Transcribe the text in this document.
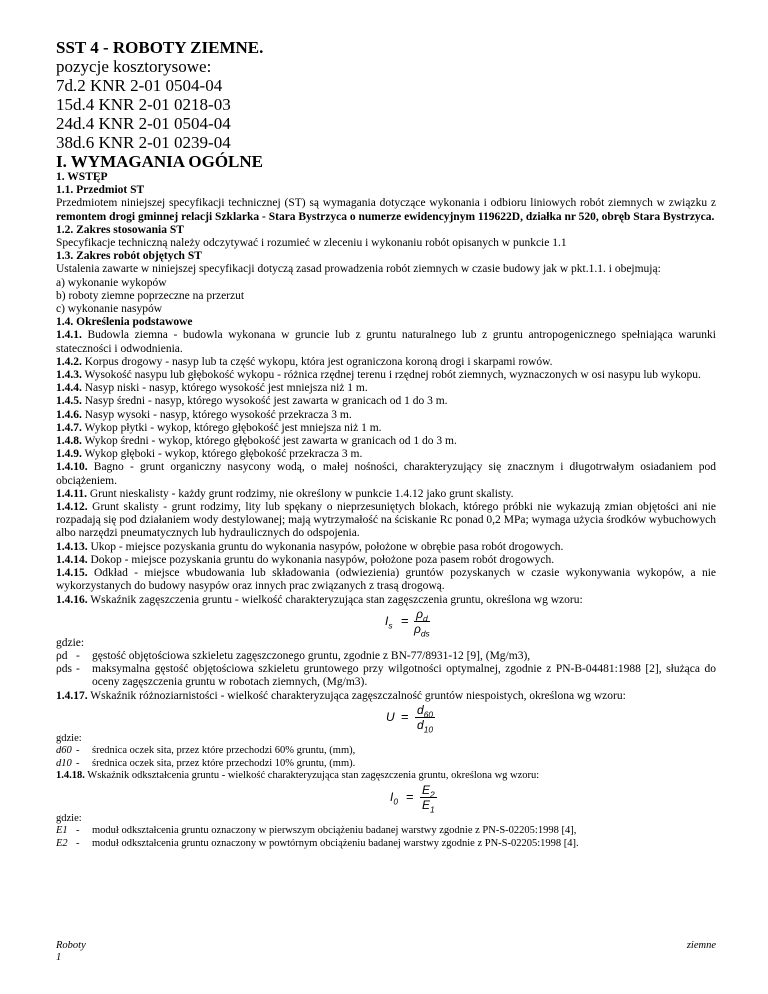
SST 4 - ROBOTY ZIEMNE.
pozycje kosztorysowe:
7d.2 KNR 2-01 0504-04
15d.4 KNR 2-01 0218-03
24d.4 KNR 2-01 0504-04
38d.6 KNR 2-01 0239-04
I. WYMAGANIA OGÓLNE
1. WSTĘP
1.1. Przedmiot ST
Przedmiotem niniejszej specyfikacji technicznej (ST) są wymagania dotyczące wykonania i odbioru liniowych robót ziemnych w związku z remontem drogi gminnej relacji Szklarka - Stara Bystrzyca o numerze ewidencyjnym 119622D, działka nr 520, obręb Stara Bystrzyca.
1.2. Zakres stosowania ST
Specyfikacje techniczną należy odczytywać i rozumieć w zleceniu i wykonaniu robót opisanych w punkcie 1.1
1.3. Zakres robót objętych ST
Ustalenia zawarte w niniejszej specyfikacji dotyczą zasad prowadzenia robót ziemnych w czasie budowy jak w pkt.1.1. i obejmują:
a) wykonanie wykopów
b) roboty ziemne poprzeczne na przerzut
c) wykonanie nasypów
1.4. Określenia podstawowe
1.4.1. Budowla ziemna - budowla wykonana w gruncie lub z gruntu naturalnego lub z gruntu antropogenicznego spełniająca warunki stateczności i odwodnienia.
1.4.2. Korpus drogowy - nasyp lub ta część wykopu, która jest ograniczona koroną drogi i skarpami rowów.
1.4.3. Wysokość nasypu lub głębokość wykopu - różnica rzędnej terenu i rzędnej robót ziemnych, wyznaczonych w osi nasypu lub wykopu.
1.4.4. Nasyp niski - nasyp, którego wysokość jest mniejsza niż 1 m.
1.4.5. Nasyp średni - nasyp, którego wysokość jest zawarta w granicach od 1 do 3 m.
1.4.6. Nasyp wysoki - nasyp, którego wysokość przekracza 3 m.
1.4.7. Wykop płytki - wykop, którego głębokość jest mniejsza niż 1 m.
1.4.8. Wykop średni - wykop, którego głębokość jest zawarta w granicach od 1 do 3 m.
1.4.9. Wykop głęboki - wykop, którego głębokość przekracza 3 m.
1.4.10. Bagno - grunt organiczny nasycony wodą, o małej nośności, charakteryzujący się znacznym i długotrwałym osiadaniem pod obciążeniem.
1.4.11. Grunt nieskalisty - każdy grunt rodzimy, nie określony w punkcie 1.4.12 jako grunt skalisty.
1.4.12. Grunt skalisty - grunt rodzimy, lity lub spękany o nieprzesuniętych blokach, którego próbki nie wykazują zmian objętości ani nie rozpadają się pod działaniem wody destylowanej; mają wytrzymałość na ściskanie Rc ponad 0,2 MPa; wymaga użycia środków wybuchowych albo narzędzi pneumatycznych lub hydraulicznych do odspojenia.
1.4.13. Ukop - miejsce pozyskania gruntu do wykonania nasypów, położone w obrębie pasa robót drogowych.
1.4.14. Dokop - miejsce pozyskania gruntu do wykonania nasypów, położone poza pasem robót drogowych.
1.4.15. Odkład - miejsce wbudowania lub składowania (odwiezienia) gruntów pozyskanych w czasie wykonywania wykopów, a nie wykorzystanych do budowy nasypów oraz innych prac związanych z trasą drogową.
1.4.16. Wskaźnik zagęszczenia gruntu - wielkość charakteryzująca stan zagęszczenia gruntu, określona wg wzoru:
$I_s = \rho_d$
$\rho_{ds}$
gdzie:
ρd -	gęstość objętościowa szkieletu zagęszczonego gruntu, zgodnie z BN-77/8931-12 [9], (Mg/m3),
ρds -	maksymalna gęstość objętościowa szkieletu gruntowego przy wilgotności optymalnej, zgodnie z PN-B-04481:1988 [2], służąca do oceny zagęszczenia gruntu w robotach ziemnych, (Mg/m3).
1.4.17. Wskaźnik różnoziarnistości - wielkość charakteryzująca zagęszczalność gruntów niespoistych, określona wg wzoru:
$U = \frac{d_{60}}{d_{10}}$
gdzie:
d60 -	średnica oczek sita, przez które przechodzi 60% gruntu, (mm),
d10 -	średnica oczek sita, przez które przechodzi 10% gruntu, (mm).
1.4.18. Wskaźnik odkształcenia gruntu - wielkość charakteryzująca stan zagęszczenia gruntu, określona wg wzoru:
$I_0 = \frac{E_2}{E_1}$
gdzie:
E1 -	moduł odkształcenia gruntu oznaczony w pierwszym obciążeniu badanej warstwy zgodnie z PN-S-02205:1998 [4],
E2 -	moduł odkształcenia gruntu oznaczony w powtórnym obciążeniu badanej warstwy zgodnie z PN-S-02205:1998 [4].
Roboty
1
ziemne
